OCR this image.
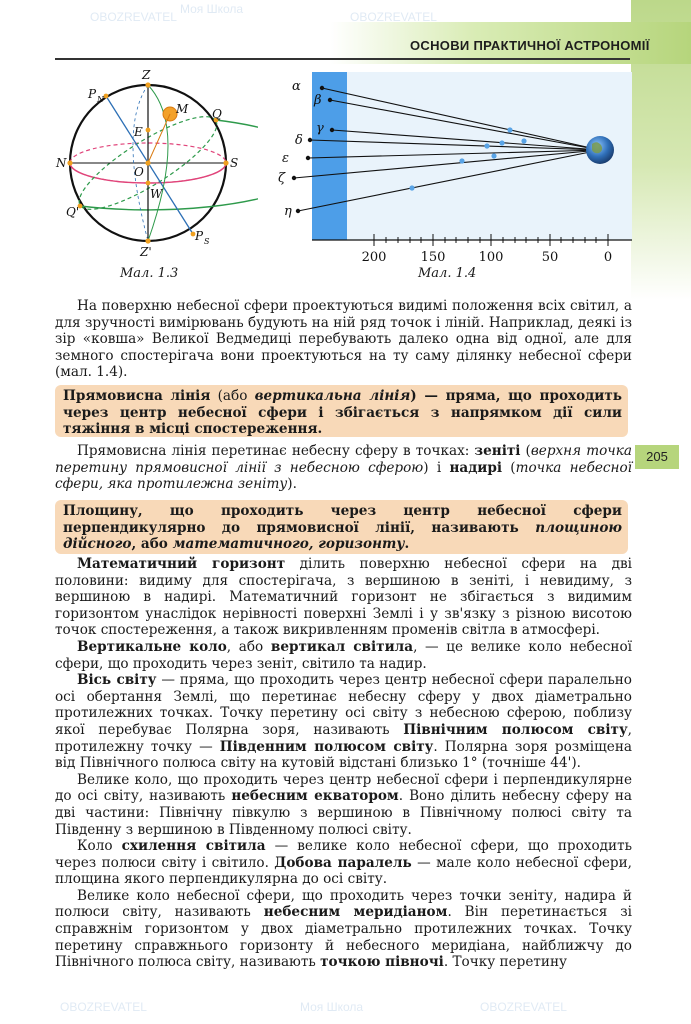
ОСНОВИ ПРАКТИЧНОЇ АСТРОНОМІЇ
205
Z
P N
M Q
E
N
O
S
W
Q'
Z'
P S
α
β
γ
δ
ε
ζ
η
200	150	100	50	0
Мал. 1.3	Мал. 1.4

На поверхню небесної сфери проектуються видимі положення всіх світил, а для зручності вимірювань будують на ній ряд точок і ліній. Наприклад, деякі із зір «ковша» Великої Ведмедиці перебувають далеко одна від одної, але для земного спостерігача вони проектуються на ту саму ділянку небесної сфери (мал. 1.4).

Прямовисна лінія (або вертикальна лінія) — пряма, що проходить через центр небесної сфери і збігається з напрямком дії сили тяжіння в місці спостереження.

Прямовисна лінія перетинає небесну сферу в точках: зеніті (верхня точка перетину прямовисної лінії з небесною сферою) і надирі (точка небесної сфери, яка протилежна зеніту).

Площину, що проходить через центр небесної сфери перпендикулярно до прямовисної лінії, називають площиною дійсного, або математичного, горизонту.

Математичний горизонт ділить поверхню небесної сфери на дві половини: видиму для спостерігача, з вершиною в зеніті, і невидиму, з вершиною в надирі. Математичний горизонт не збігається з видимим горизонтом унаслідок нерівності поверхні Землі і у зв'язку з різною висотою точок спостереження, а також викривленням променів світла в атмосфері.

Вертикальне коло, або вертикал світила, — це велике коло небесної сфери, що проходить через зеніт, світило та надир.

Вісь світу — пряма, що проходить через центр небесної сфери паралельно осі обертання Землі, що перетинає небесну сферу у двох діаметрально протилежних точках. Точку перетину осі світу з небесною сферою, поблизу якої перебуває Полярна зоря, називають Північним полюсом світу, протилежну точку — Південним полюсом світу. Полярна зоря розміщена від Північного полюса світу на кутовій відстані близько 1° (точніше 44').

Велике коло, що проходить через центр небесної сфери і перпендикулярне до осі світу, називають небесним екватором. Воно ділить небесну сферу на дві частини: Північну півкулю з вершиною в Північному полюсі світу та Південну з вершиною в Південному полюсі світу.

Коло схилення світила — велике коло небесної сфери, що проходить через полюси світу і світило. Добова паралель — мале коло небесної сфери, площина якого перпендикулярна до осі світу.

Велике коло небесної сфери, що проходить через точки зеніту, надира й полюси світу, називають небесним меридіаном. Він перетинається зі справжнім горизонтом у двох діаметрально протилежних точках. Точку перетину справжнього горизонту й небесного меридіана, найближчу до Північного полюса світу, називають точкою півночі. Точку перетину

OBOZREVATEL
Моя Школа
OBOZREVATEL
OBOZREVATEL	Моя Школа	OBOZREVATEL
